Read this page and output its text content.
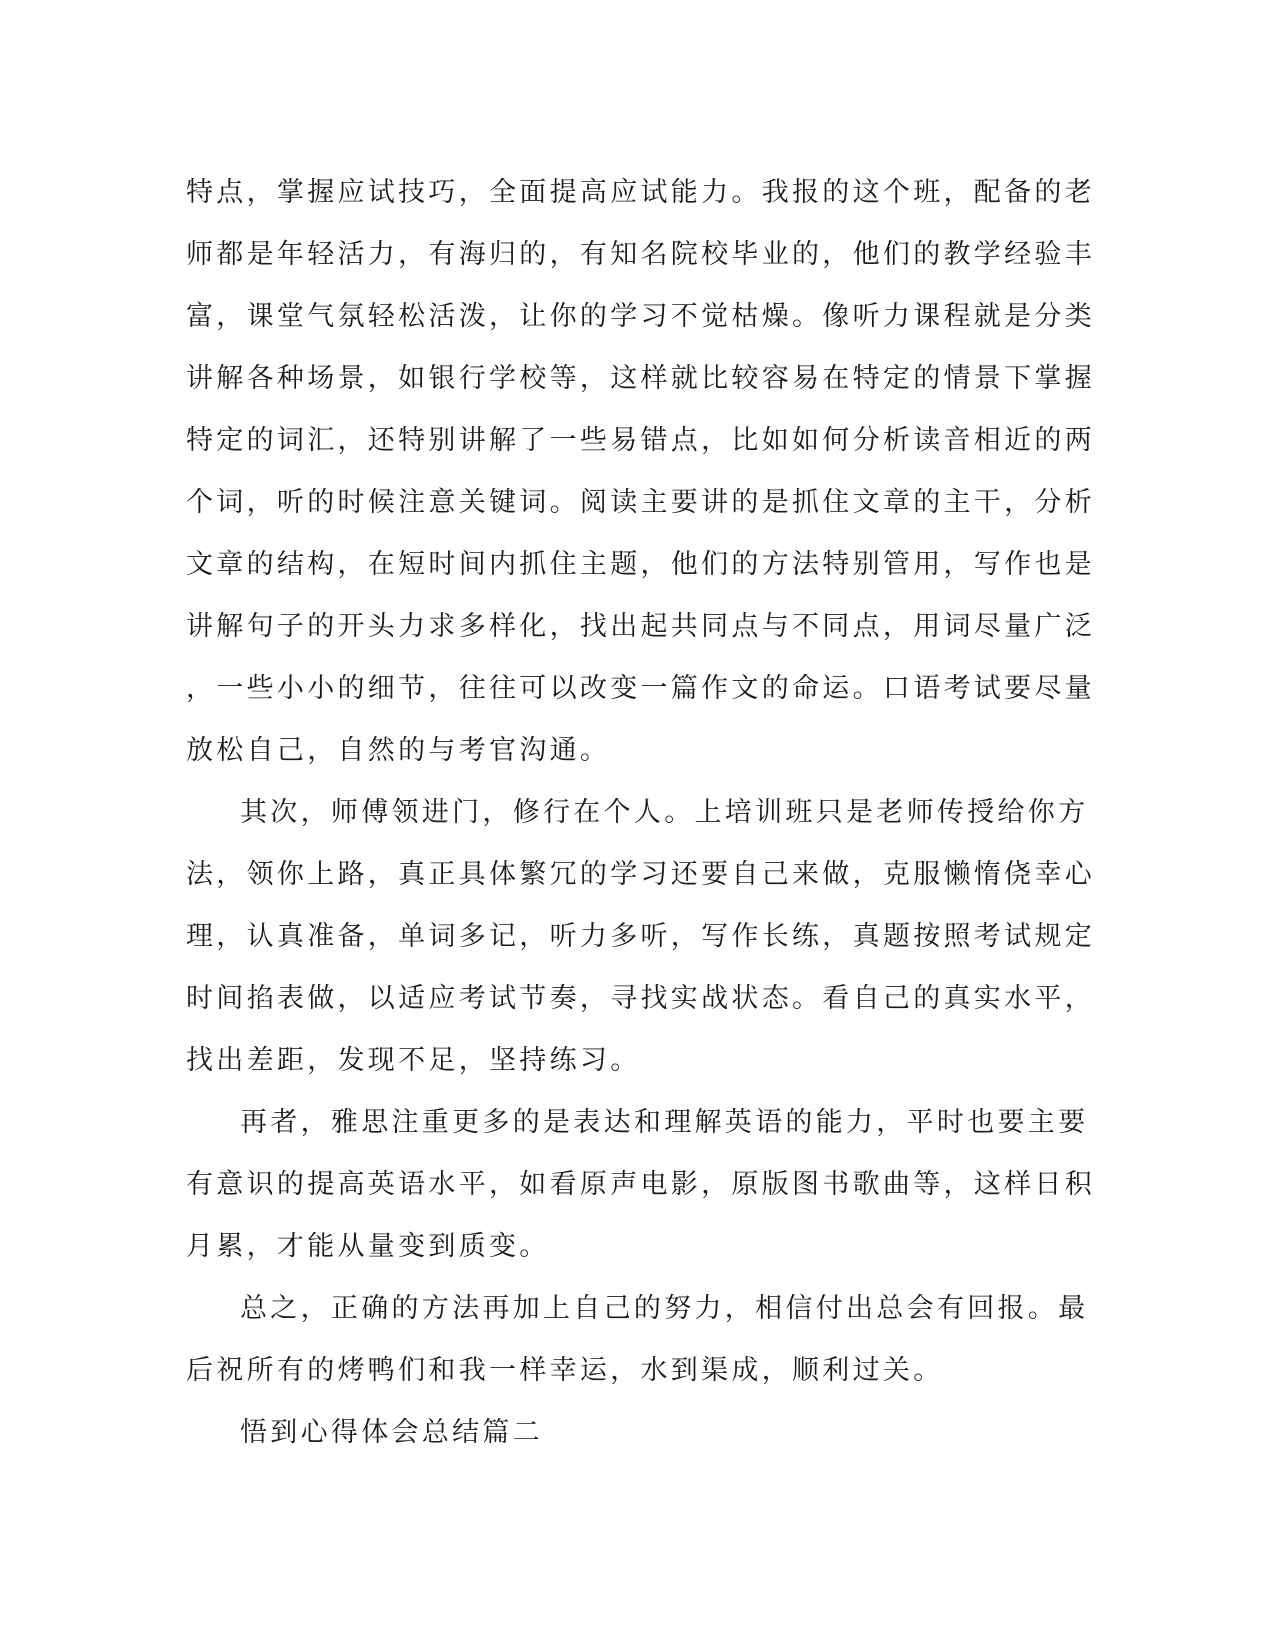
特点，掌握应试技巧，全面提高应试能力。我报的这个班，配备的老
师都是年轻活力，有海归的，有知名院校毕业的，他们的教学经验丰
富，课堂气氛轻松活泼，让你的学习不觉枯燥。像听力课程就是分类
讲解各种场景，如银行学校等，这样就比较容易在特定的情景下掌握
特定的词汇，还特别讲解了一些易错点，比如如何分析读音相近的两
个词，听的时候注意关键词。阅读主要讲的是抓住文章的主干，分析
文章的结构，在短时间内抓住主题，他们的方法特别管用，写作也是
讲解句子的开头力求多样化，找出起共同点与不同点，用词尽量广泛
，一些小小的细节，往往可以改变一篇作文的命运。口语考试要尽量
放松自己，自然的与考官沟通。

其次，师傅领进门，修行在个人。上培训班只是老师传授给你方
法，领你上路，真正具体繁冗的学习还要自己来做，克服懒惰侥幸心
理，认真准备，单词多记，听力多听，写作长练，真题按照考试规定
时间掐表做，以适应考试节奏，寻找实战状态。看自己的真实水平，
找出差距，发现不足，坚持练习。

再者，雅思注重更多的是表达和理解英语的能力，平时也要主要
有意识的提高英语水平，如看原声电影，原版图书歌曲等，这样日积
月累，才能从量变到质变。

总之，正确的方法再加上自己的努力，相信付出总会有回报。最
后祝所有的烤鸭们和我一样幸运，水到渠成，顺利过关。

悟到心得体会总结篇二
